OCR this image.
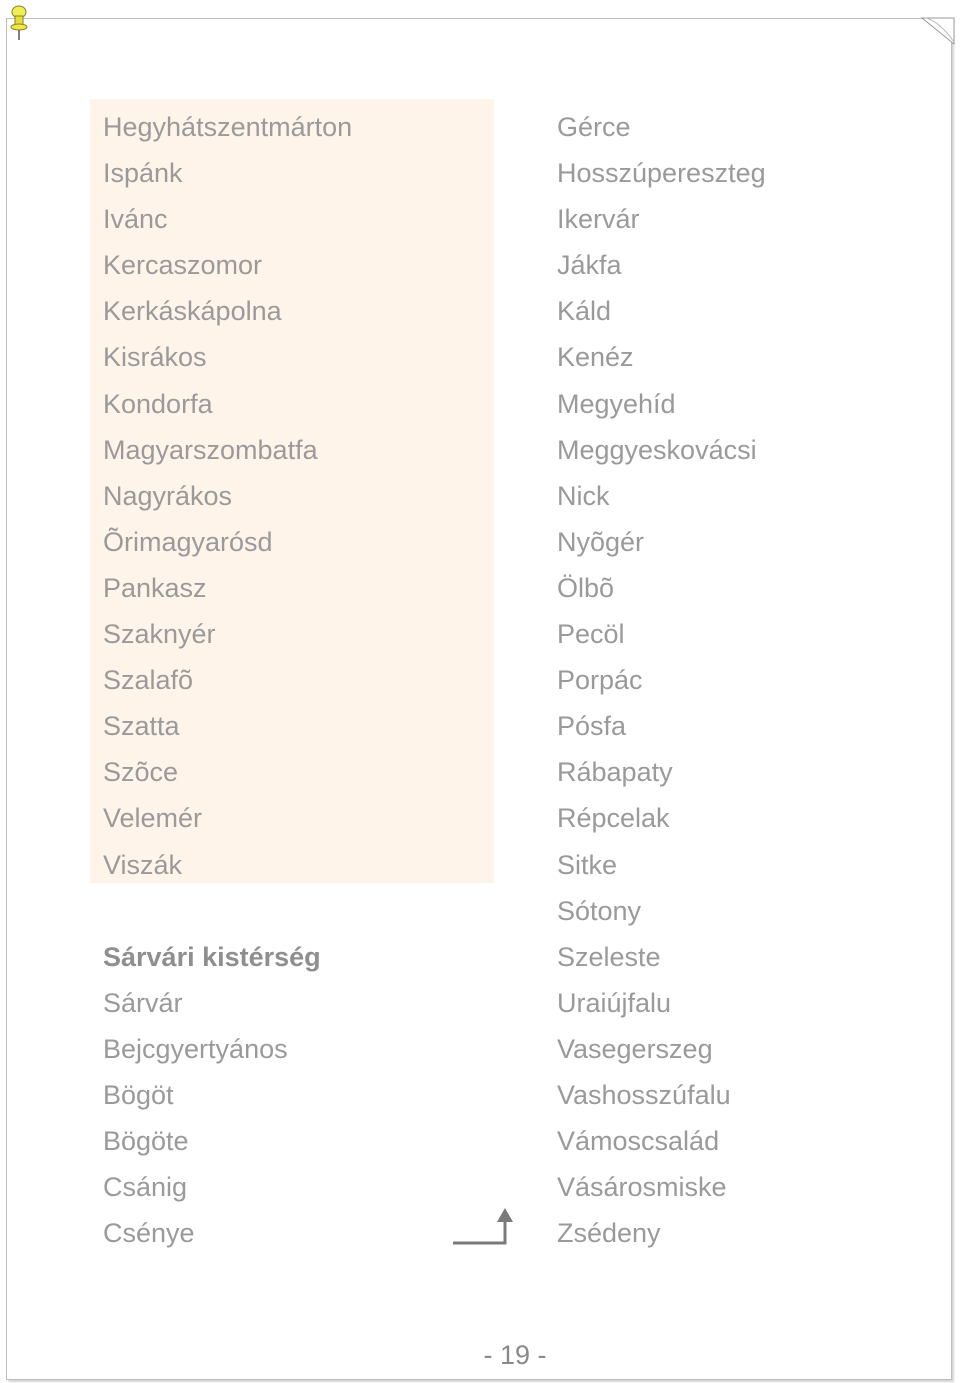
Hegyhátszentmárton
Ispánk
Ivánc
Kercaszomor
Kerkáskápolna
Kisrákos
Kondorfa
Magyarszombatfa
Nagyrákos
Õrimagyarósd
Pankasz
Szaknyér
Szalafõ
Szatta
Szõce
Velemér
Viszák
Sárvári kistérség
Sárvár
Bejcgyertyános
Bögöt
Bögöte
Csánig
Csénye
Gérce
Hosszúpereszteg
Ikervár
Jákfa
Káld
Kenéz
Megyehíd
Meggyeskovácsi
Nick
Nyõgér
Ölbõ
Pecöl
Porpác
Pósfa
Rábapaty
Répcelak
Sitke
Sótony
Szeleste
Uraiújfalu
Vasegerszeg
Vashosszúfalu
Vámoscsalád
Vásárosmiske
Zsédeny
- 19 -
